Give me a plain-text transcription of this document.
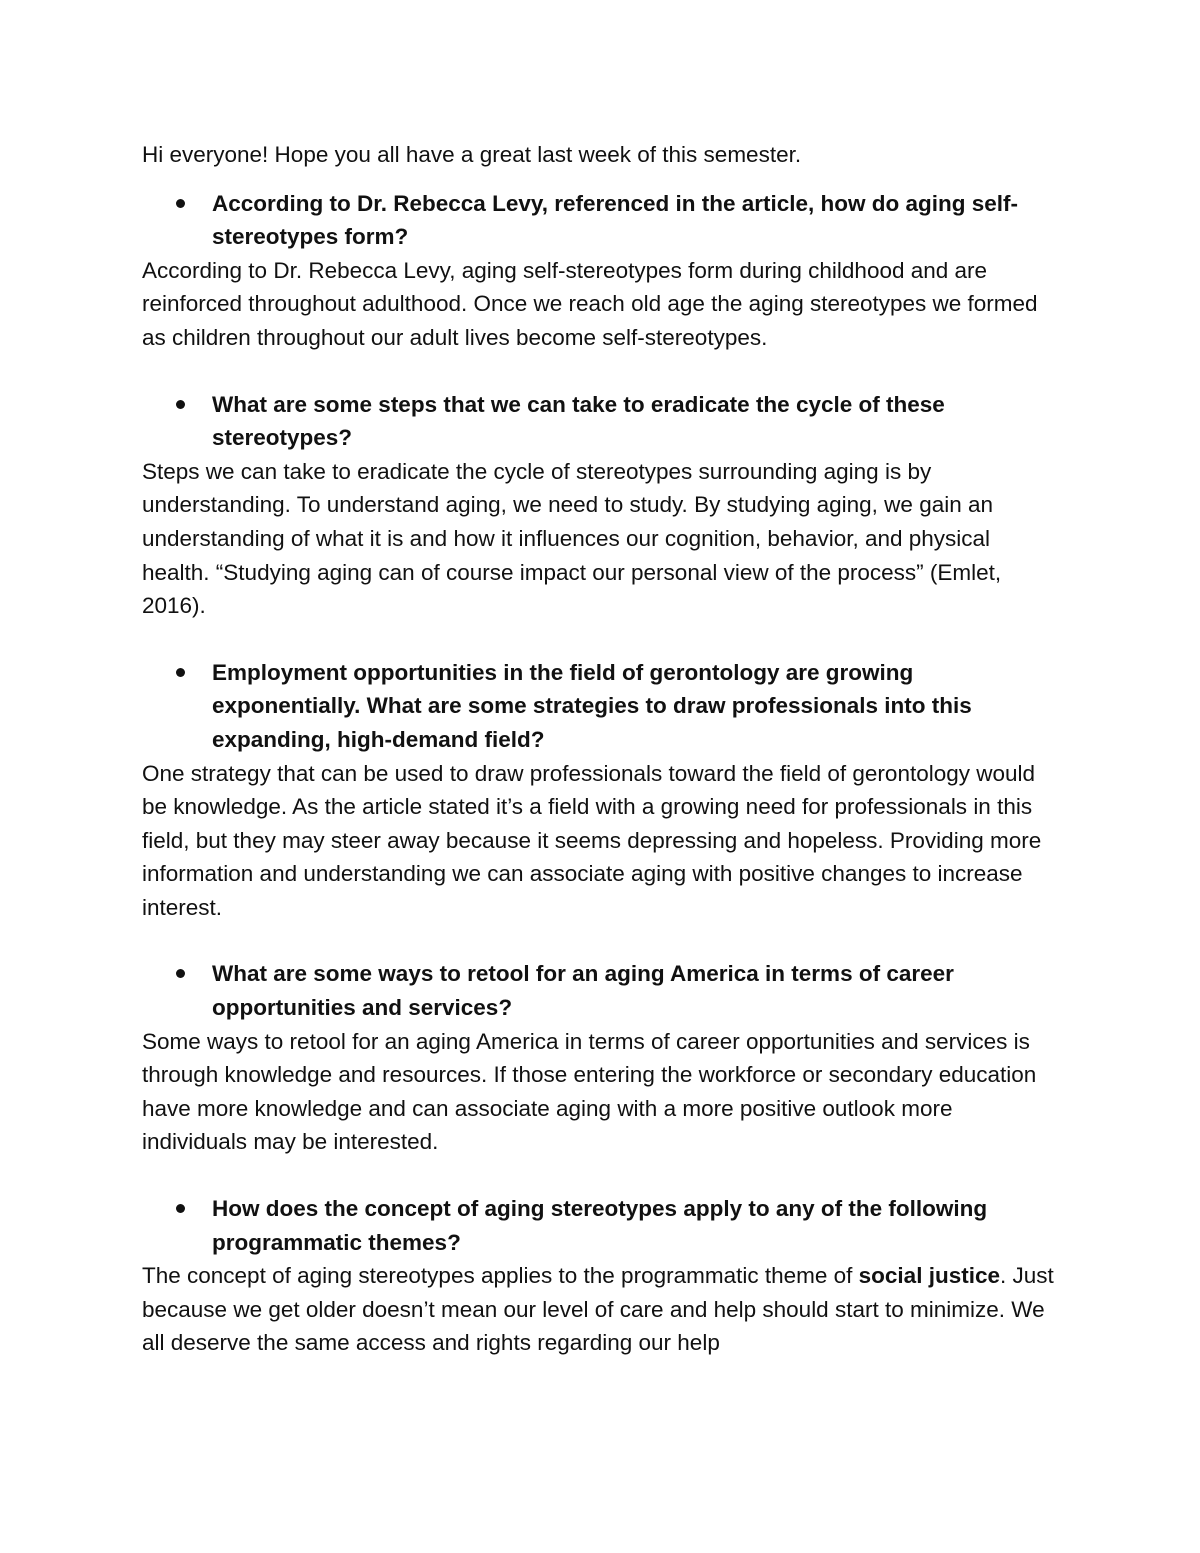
Hi everyone! Hope you all have a great last week of this semester.

According to Dr. Rebecca Levy, referenced in the article, how do aging self-stereotypes form?

According to Dr. Rebecca Levy, aging self-stereotypes form during childhood and are reinforced throughout adulthood. Once we reach old age the aging stereotypes we formed as children throughout our adult lives become self-stereotypes.

What are some steps that we can take to eradicate the cycle of these stereotypes?

Steps we can take to eradicate the cycle of stereotypes surrounding aging is by understanding. To understand aging, we need to study. By studying aging, we gain an understanding of what it is and how it influences our cognition, behavior, and physical health. “Studying aging can of course impact our personal view of the process” (Emlet, 2016).

Employment opportunities in the field of gerontology are growing exponentially. What are some strategies to draw professionals into this expanding, high-demand field?

One strategy that can be used to draw professionals toward the field of gerontology would be knowledge. As the article stated it’s a field with a growing need for professionals in this field, but they may steer away because it seems depressing and hopeless. Providing more information and understanding we can associate aging with positive changes to increase interest.

What are some ways to retool for an aging America in terms of career opportunities and services?

Some ways to retool for an aging America in terms of career opportunities and services is through knowledge and resources. If those entering the workforce or secondary education have more knowledge and can associate aging with a more positive outlook more individuals may be interested.

How does the concept of aging stereotypes apply to any of the following programmatic themes?

The concept of aging stereotypes applies to the programmatic theme of social justice. Just because we get older doesn’t mean our level of care and help should start to minimize. We all deserve the same access and rights regarding our help
